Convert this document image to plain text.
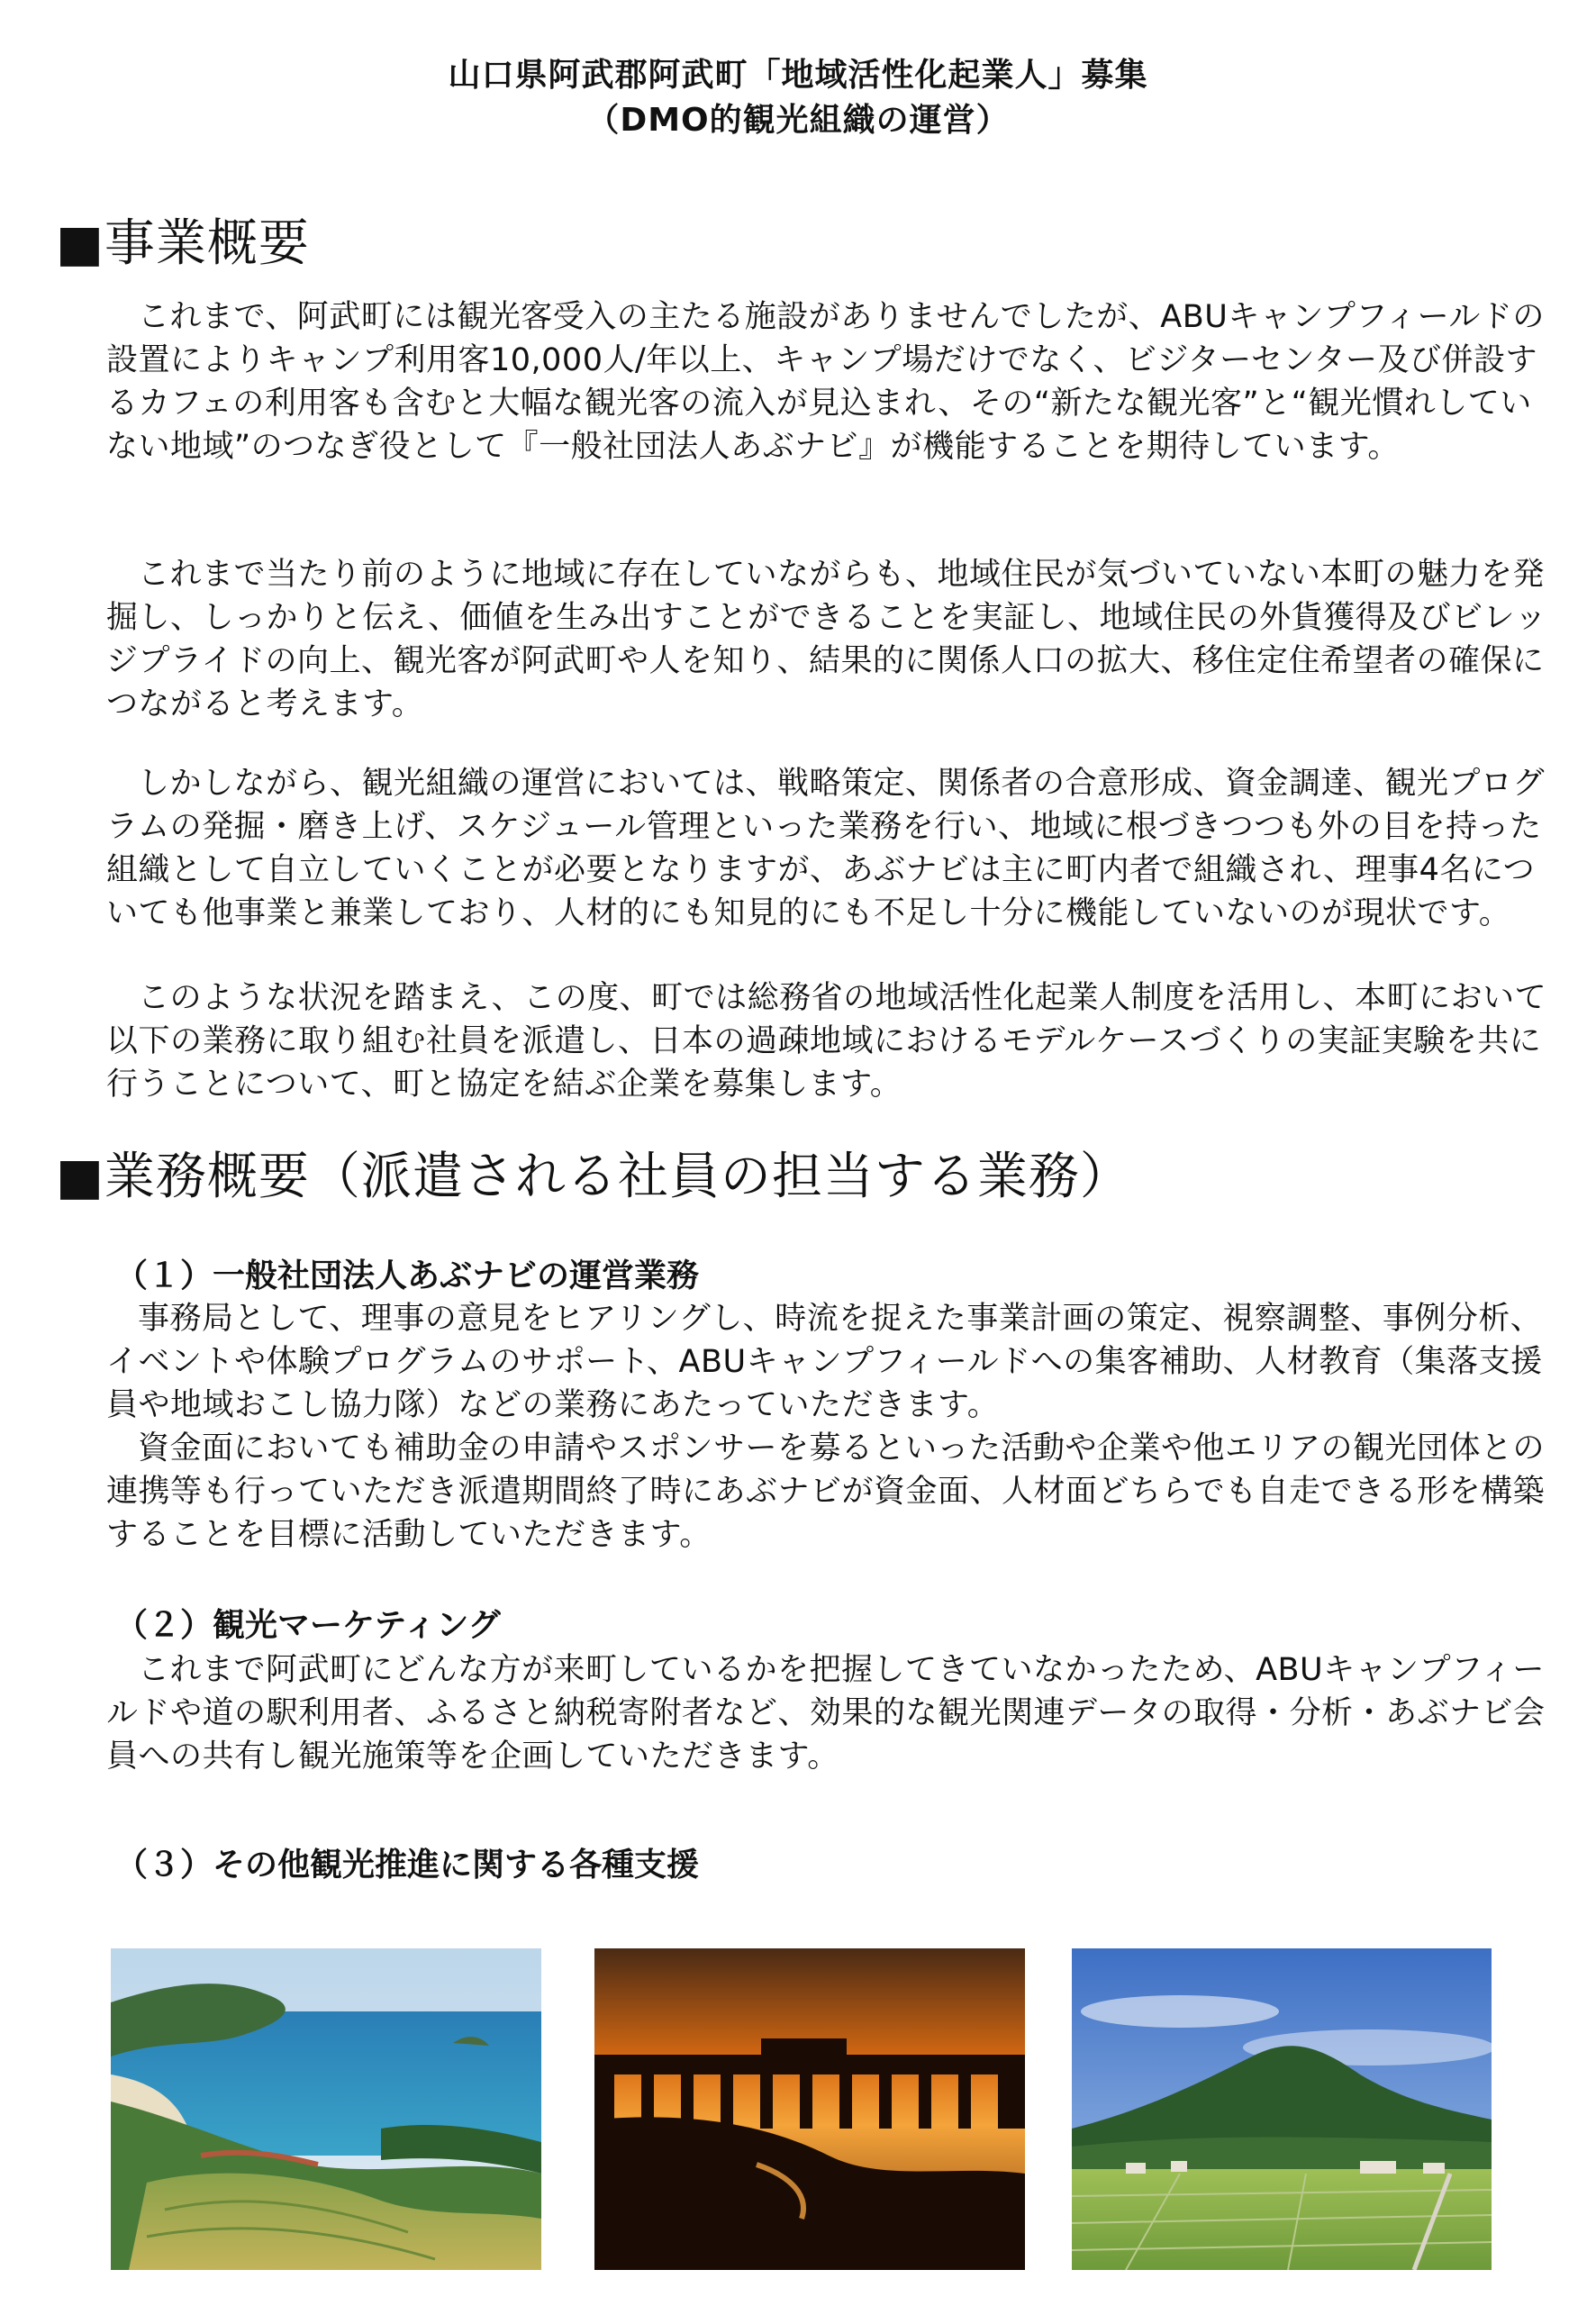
山口県阿武郡阿武町「地域活性化起業人」募集
（DMO的観光組織の運営）
■事業概要

これまで、阿武町には観光客受入の主たる施設がありませんでしたが、ABUキャンプフィールドの設置によりキャンプ利用客10,000人/年以上、キャンプ場だけでなく、ビジターセンター及び併設するカフェの利用客も含むと大幅な観光客の流入が見込まれ、その“新たな観光客”と“観光慣れしていない地域”のつなぎ役として『一般社団法人あぶナビ』が機能することを期待しています。

これまで当たり前のように地域に存在していながらも、地域住民が気づいていない本町の魅力を発掘し、しっかりと伝え、価値を生み出すことができることを実証し、地域住民の外貨獲得及びビレッジプライドの向上、観光客が阿武町や人を知り、結果的に関係人口の拡大、移住定住希望者の確保につながると考えます。

しかしながら、観光組織の運営においては、戦略策定、関係者の合意形成、資金調達、観光プログラムの発掘・磨き上げ、スケジュール管理といった業務を行い、地域に根づきつつも外の目を持った組織として自立していくことが必要となりますが、あぶナビは主に町内者で組織され、理事4名についても他事業と兼業しており、人材的にも知見的にも不足し十分に機能していないのが現状です。

このような状況を踏まえ、この度、町では総務省の地域活性化起業人制度を活用し、本町において以下の業務に取り組む社員を派遣し、日本の過疎地域におけるモデルケースづくりの実証実験を共に行うことについて、町と協定を結ぶ企業を募集します。

■業務概要（派遣される社員の担当する業務）
（１）一般社団法人あぶナビの運営業務

事務局として、理事の意見をヒアリングし、時流を捉えた事業計画の策定、視察調整、事例分析、イベントや体験プログラムのサポート、ABUキャンプフィールドへの集客補助、人材教育（集落支援員や地域おこし協力隊）などの業務にあたっていただきます。

資金面においても補助金の申請やスポンサーを募るといった活動や企業や他エリアの観光団体との連携等も行っていただき派遣期間終了時にあぶナビが資金面、人材面どちらでも自走できる形を構築することを目標に活動していただきます。

（２）観光マーケティング

これまで阿武町にどんな方が来町しているかを把握してきていなかったため、ABUキャンプフィールドや道の駅利用者、ふるさと納税寄附者など、効果的な観光関連データの取得・分析・あぶナビ会員への共有し観光施策等を企画していただきます。

（３）その他観光推進に関する各種支援
